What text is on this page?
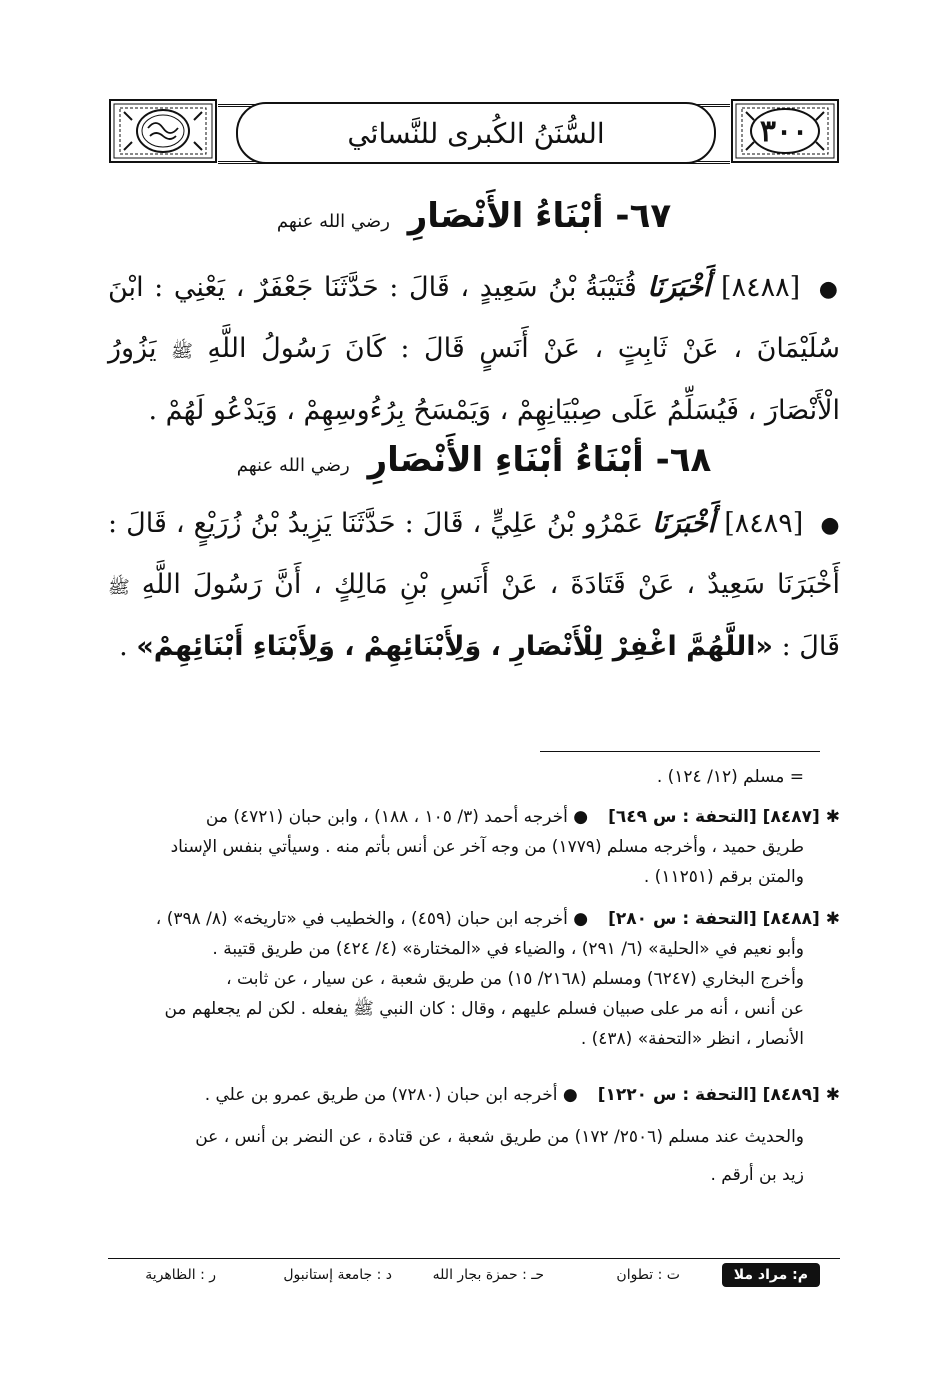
السُّنَنُ الكُبرى للنَّسائي	٣٠٠
٦٧- أبْنَاءُ الأَنْصَارِ رضي الله عنهم
● [٨٤٨٨] أَخْبَرَنَا قُتَيْبَةُ بْنُ سَعِيدٍ ، قَالَ : حَدَّثَنَا جَعْفَرٌ ، يَعْنِي : ابْنَ سُلَيْمَانَ ، عَنْ ثَابِتٍ ، عَنْ أَنَسٍ قَالَ : كَانَ رَسُولُ اللَّهِ ﷺ يَزُورُ الْأَنْصَارَ ، فَيُسَلِّمُ عَلَى صِبْيَانِهِمْ ، وَيَمْسَحُ بِرُءُوسِهِمْ ، وَيَدْعُو لَهُمْ .
٦٨- أبْنَاءُ أبْنَاءِ الأَنْصَارِ رضي الله عنهم
● [٨٤٨٩] أَخْبَرَنَا عَمْرُو بْنُ عَلِيٍّ ، قَالَ : حَدَّثَنَا يَزِيدُ بْنُ زُرَيْعٍ ، قَالَ : أَخْبَرَنَا سَعِيدٌ ، عَنْ قَتَادَةَ ، عَنْ أَنَسِ بْنِ مَالِكٍ ، أَنَّ رَسُولَ اللَّهِ ﷺ قَالَ : «اللَّهُمَّ اغْفِرْ لِلْأَنْصَارِ ، وَلِأَبْنَائِهِمْ ، وَلِأَبْنَاءِ أَبْنَائِهِمْ» .
= مسلم (١٢/ ١٢٤) .
✱[٨٤٨٧] [التحفة : س ٦٤٩]● أخرجه أحمد (٣/ ١٠٥ ، ١٨٨) ، وابن حبان (٤٧٢١) من
طريق حميد ، وأخرجه مسلم (١٧٧٩) من وجه آخر عن أنس بأتم منه . وسيأتي بنفس الإسناد
والمتن برقم (١١٢٥١) .
✱[٨٤٨٨] [التحفة : س ٢٨٠]● أخرجه ابن حبان (٤٥٩) ، والخطيب في «تاريخه» (٨/ ٣٩٨) ،
وأبو نعيم في «الحلية» (٦/ ٢٩١) ، والضياء في «المختارة» (٤/ ٤٢٤) من طريق قتيبة .
وأخرج البخاري (٦٢٤٧) ومسلم (٢١٦٨/ ١٥) من طريق شعبة ، عن سيار ، عن ثابت ،
عن أنس ، أنه مر على صبيان فسلم عليهم ، وقال : كان النبي ﷺ يفعله . لكن لم يجعلهم من
الأنصار ، انظر «التحفة» (٤٣٨) .
✱[٨٤٨٩] [التحفة : س ١٢٢٠]● أخرجه ابن حبان (٧٢٨٠) من طريق عمرو بن علي .
والحديث عند مسلم (٢٥٠٦/ ١٧٢) من طريق شعبة ، عن قتادة ، عن النضر بن أنس ، عن
زيد بن أرقم .
م: مراد ملا
ت : تطوان
حـ : حمزة بجار الله
د : جامعة إستانبول
ر : الظاهرية
